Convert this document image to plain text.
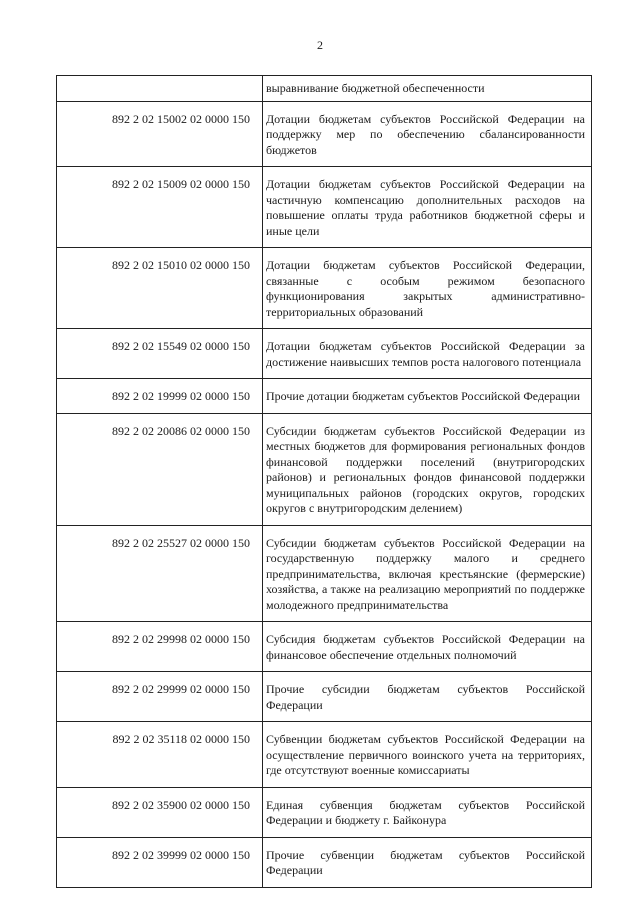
2
	выравнивание бюджетной обеспеченности
892 2 02 15002 02 0000 150	Дотации бюджетам субъектов Российской Федерации на поддержку мер по обеспечению сбалансированности бюджетов
892 2 02 15009 02 0000 150	Дотации бюджетам субъектов Российской Федерации на частичную компенсацию дополнительных расходов на повышение оплаты труда работников бюджетной сферы и иные цели
892 2 02 15010 02 0000 150	Дотации бюджетам субъектов Российской Федерации, связанные с особым режимом безопасного функционирования закрытых административно-территориальных образований
892 2 02 15549 02 0000 150	Дотации бюджетам субъектов Российской Федерации за достижение наивысших темпов роста налогового потенциала
892 2 02 19999 02 0000 150	Прочие дотации бюджетам субъектов Российской Федерации
892 2 02 20086 02 0000 150	Субсидии бюджетам субъектов Российской Федерации из местных бюджетов для формирования региональных фондов финансовой поддержки поселений (внутригородских районов) и региональных фондов финансовой поддержки муниципальных районов (городских округов, городских округов с внутригородским делением)
892 2 02 25527 02 0000 150	Субсидии бюджетам субъектов Российской Федерации на государственную поддержку малого и среднего предпринимательства, включая крестьянские (фермерские) хозяйства, а также на реализацию мероприятий по поддержке молодежного предпринимательства
892 2 02 29998 02 0000 150	Субсидия бюджетам субъектов Российской Федерации на финансовое обеспечение отдельных полномочий
892 2 02 29999 02 0000 150	Прочие субсидии бюджетам субъектов Российской Федерации
892 2 02 35118 02 0000 150	Субвенции бюджетам субъектов Российской Федерации на осуществление первичного воинского учета на территориях, где отсутствуют военные комиссариаты
892 2 02 35900 02 0000 150	Единая субвенция бюджетам субъектов Российской Федерации и бюджету г. Байконура
892 2 02 39999 02 0000 150	Прочие субвенции бюджетам субъектов Российской Федерации
